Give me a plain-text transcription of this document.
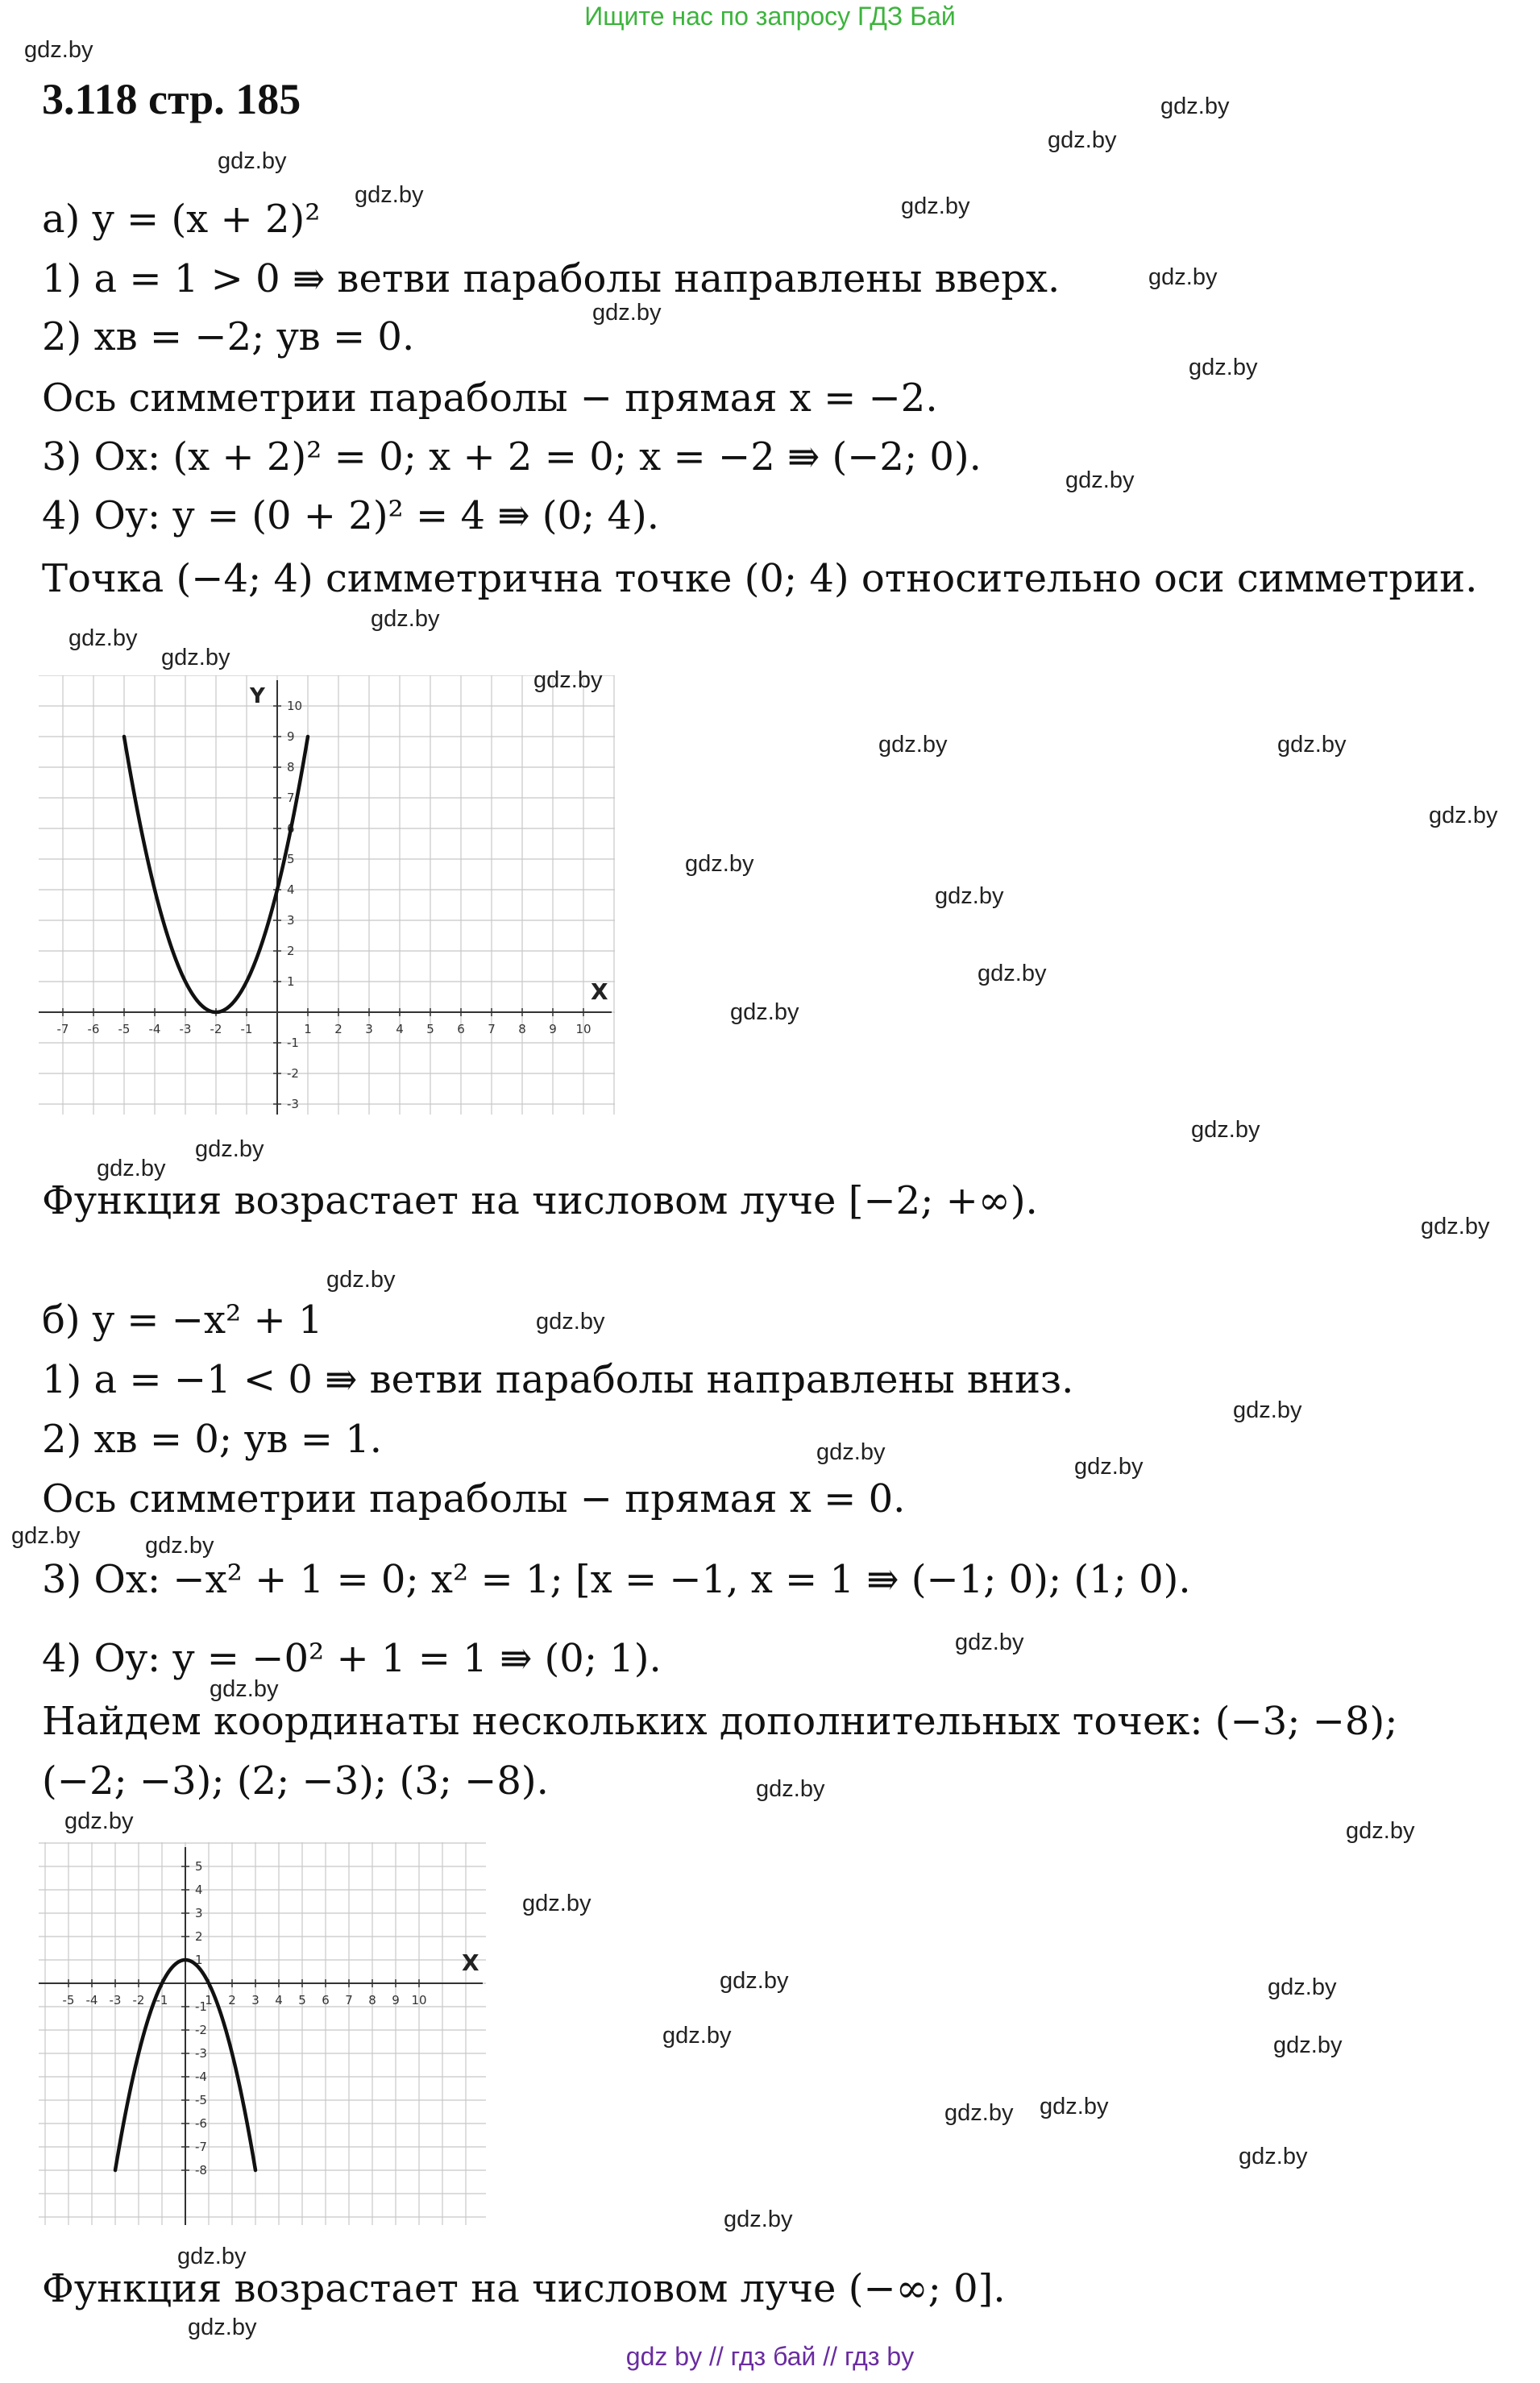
Ищите нас по запросу ГДЗ Бай
3.118 стр. 185
а) y = (x + 2)²
1) a = 1 > 0 ⇛ ветви параболы направлены вверх.
2) xв = −2; yв = 0.
Ось симметрии параболы − прямая x = −2.
3) Ox: (x + 2)² = 0; x + 2 = 0; x = −2 ⇛ (−2; 0).
4) Oy: y = (0 + 2)² = 4 ⇛ (0; 4).
Точка (−4; 4) симметрична точке (0; 4) относительно оси симметрии.
-7 -6 -5 -4 -3 -2 -1	1 2 3 4 5 6 7 8 9 10
10
9
8
7
6
5
4
3
2
1
-1
-2
-3
X
Y
Функция возрастает на числовом луче [−2; +∞).
б) y = −x² + 1
1) a = −1 < 0 ⇛ ветви параболы направлены вниз.
2) xв = 0; yв = 1.
Ось симметрии параболы − прямая x = 0.
3) Ox: −x² + 1 = 0; x² = 1; [x = −1, x = 1 ⇛ (−1; 0); (1; 0).
4) Oy: y = −0² + 1 = 1 ⇛ (0; 1).
Найдем координаты нескольких дополнительных точек: (−3; −8);
(−2; −3); (2; −3); (3; −8).
-5 -4 -3 -2 -1	1 2 3 4 5 6 7 8 9 10
5
4
3
2
1
-1
-2
-3
-4
-5
-6
-7
-8
X
Функция возрастает на числовом луче (−∞; 0].
gdz by // гдз бай // гдз by
gdz.by
gdz.by
gdz.by
gdz.by
gdz.by	gdz.by
gdz.by
gdz.by
gdz.by
gdz.by
gdz.by
gdz.by
gdz.by
gdz.by
gdz.by	gdz.by
gdz.by
gdz.by
gdz.by
gdz.by
gdz.by
gdz.by
gdz.by
gdz.by
gdz.by
gdz.by
gdz.by
gdz.by
gdz.by
gdz.by
gdz.by	gdz.by
gdz.by
gdz.by
gdz.by
gdz.by	gdz.by
gdz.by
gdz.by	gdz.by
gdz.by	gdz.by
gdz.by
gdz.by
gdz.by
gdz.by
gdz.by
gdz.by
